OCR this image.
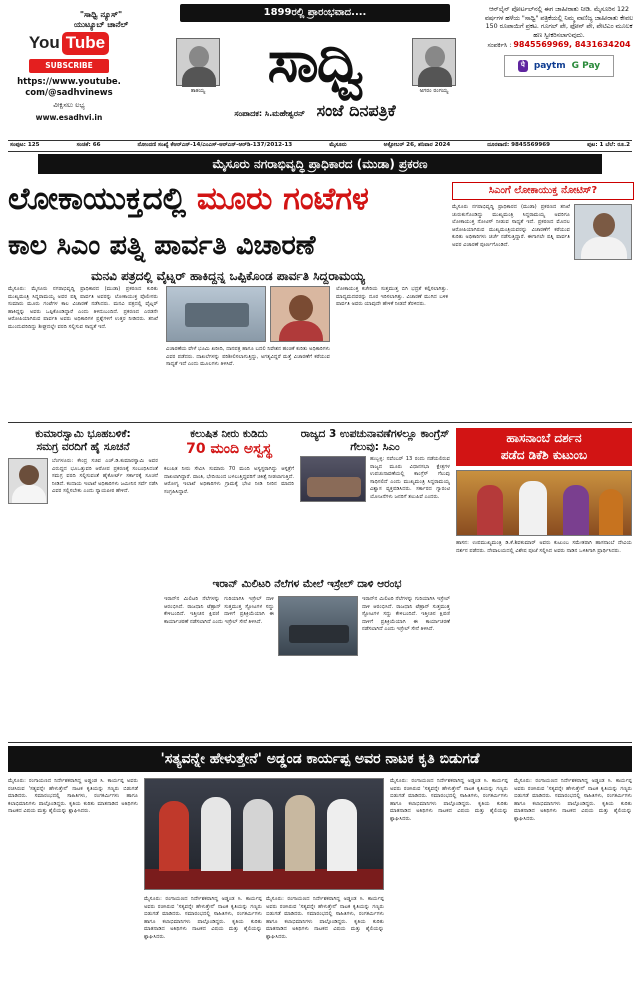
You Tube
SUBSCRIBE
https://www.youtube.
com/@sadhvinews
ವೀಕ್ಷಿಸಲು ಲಭ್ಯ
www.esadhvi.in
"ಸಾಧ್ವಿ ನ್ಯೂಸ್" ಯುಟ್ಯೂಬ್ ಚಾನೆಲ್
1899ರಲ್ಲಿ ಪ್ರಾರಂಭವಾದ....
ತಾತಯ್ಯ	ಸಾಧ್ವಿ	ಅಗರಂ ರಂಗಯ್ಯ
ಸಂಪಾದಕ: ಸಿ.ಮಹೇಶ್ವರನ್ ಸಂಜೆ ದಿನಪತ್ರಿಕೆ
ಆನ್‌ಲೈನ್ ಪೋರ್ಟಲ್‌ನಲ್ಲಿ ಈಗ ಜಾಹೀರಾತು ನೀಡಿ. ಮೈಸೂರಿನ 122 ವರ್ಷಗಳ ಹಳೆಯ "ಸಾಧ್ವಿ" ಪತ್ರಿಕೆಯಲ್ಲಿ ನಿಮ್ಮ ವಾಣಿಜ್ಯ ಜಾಹೀರಾತು ಕೇವಲ 150 ರೂಪಾಯಿಗೆ ಪ್ರಕಟ. ಗೂಗಲ್ ಪೇ, ಫೋನ್ ಪೇ, ಪೇಟಿಎಂ ಮೂಲಕ ಹಣ ಸ್ವೀಕರಿಸಲಾಗುವುದು.
ಸಂಪರ್ಕಿಸಿ : 9845569969, 8431634204
पे	paytm G Pay
ಸಂಪುಟ: 125	ಸಂಚಿಕೆ: 66	ನೋಂದಣಿ ಸಂಖ್ಯೆ ಕೆಆರ್‌ಎನ್-14/ಎಂಎಸ್-ಆರ್‌ಎನ್-ಆರ್‌ಡಿ-137/2012-13	ಮೈಸೂರು	ಅಕ್ಟೋಬರ್ 26, ಶನಿವಾರ 2024	ದೂರವಾಣಿ: 9845569969	ಪುಟ: 1 ಬೆಲೆ: ರೂ.2
ಮೈಸೂರು ನಗರಾಭಿವೃದ್ಧಿ ಪ್ರಾಧಿಕಾರದ (ಮುಡಾ) ಪ್ರಕರಣ
ಲೋಕಾಯುಕ್ತದಲ್ಲಿ ಮೂರು ಗಂಟೆಗಳ
ಕಾಲ ಸಿಎಂ ಪತ್ನಿ ಪಾರ್ವತಿ ವಿಚಾರಣೆ
ಮನವಿ ಪತ್ರದಲ್ಲಿ ವೈಟ್ನರ್ ಹಾಕಿದ್ದನ್ನ ಒಪ್ಪಿಕೊಂಡ ಪಾರ್ವತಿ ಸಿದ್ದರಾಮಯ್ಯ
ಮೈಸೂರು: ಮೈಸೂರು ನಗರಾಭಿವೃದ್ಧಿ ಪ್ರಾಧಿಕಾರದ (ಮುಡಾ) ಪ್ರಕರಣದ ಕುರಿತು ಮುಖ್ಯಮಂತ್ರಿ ಸಿದ್ದರಾಮಯ್ಯ ಅವರ ಪತ್ನಿ ಪಾರ್ವತಿ ಅವರನ್ನು ಲೋಕಾಯುಕ್ತ ಪೊಲೀಸರು ಸುಮಾರು ಮೂರು ಗಂಟೆಗಳ ಕಾಲ ವಿಚಾರಣೆ ನಡೆಸಿದರು. ಮನವಿ ಪತ್ರದಲ್ಲಿ ವೈಟ್ನರ್ ಹಾಕಿದ್ದನ್ನು ಅವರು ಒಪ್ಪಿಕೊಂಡಿದ್ದಾರೆ ಎಂದು ತಿಳಿದುಬಂದಿದೆ. ಪ್ರಕರಣದ ಎರಡನೇ ಆರೋಪಿಯಾಗಿರುವ ಪಾರ್ವತಿ ಅವರು ಅಧಿಕಾರಿಗಳ ಪ್ರಶ್ನೆಗಳಿಗೆ ಉತ್ತರ ನೀಡಿದರು. ತನಿಖೆ ಮುಂದುವರಿದಿದ್ದು ಶೀಘ್ರದಲ್ಲೇ ವರದಿ ಸಲ್ಲಿಸುವ ಸಾಧ್ಯತೆ ಇದೆ.
ವಿಚಾರಣೆಯ ವೇಳೆ ಭೂಮಿ ಖರೀದಿ, ದಾನಪತ್ರ ಹಾಗೂ ಬದಲಿ ನಿವೇಶನ ಹಂಚಿಕೆ ಕುರಿತು ಅಧಿಕಾರಿಗಳು ವಿವರ ಪಡೆದರು. ದಾಖಲೆಗಳನ್ನು ಪರಿಶೀಲಿಸಲಾಗುತ್ತಿದ್ದು, ಅಗತ್ಯವಿದ್ದರೆ ಮತ್ತೆ ವಿಚಾರಣೆಗೆ ಕರೆಯುವ ಸಾಧ್ಯತೆ ಇದೆ ಎಂದು ಮೂಲಗಳು ತಿಳಿಸಿವೆ.
ಲೋಕಾಯುಕ್ತ ಕಚೇರಿಯ ಸುತ್ತಮುತ್ತ ಬಿಗಿ ಭದ್ರತೆ ಕಲ್ಪಿಸಲಾಗಿತ್ತು. ಮಾಧ್ಯಮದವರನ್ನು ದೂರ ಇರಿಸಲಾಗಿತ್ತು. ವಿಚಾರಣೆ ಮುಗಿದ ಬಳಿಕ ಪಾರ್ವತಿ ಅವರು ಯಾವುದೇ ಹೇಳಿಕೆ ನೀಡದೆ ತೆರಳಿದರು.
ಸಿಎಂಗೆ ಲೋಕಾಯುಕ್ತ ನೋಟಿಸ್?
ಮೈಸೂರು ನಗರಾಭಿವೃದ್ಧಿ ಪ್ರಾಧಿಕಾರದ (ಮುಡಾ) ಪ್ರಕರಣದ ತನಿಖೆ ಚುರುಕುಗೊಂಡಿದ್ದು ಮುಖ್ಯಮಂತ್ರಿ ಸಿದ್ದರಾಮಯ್ಯ ಅವರಿಗೂ ಲೋಕಾಯುಕ್ತ ನೋಟಿಸ್ ನೀಡುವ ಸಾಧ್ಯತೆ ಇದೆ. ಪ್ರಕರಣದ ಮೊದಲ ಆರೋಪಿಯಾಗಿರುವ ಮುಖ್ಯಮಂತ್ರಿಯವರನ್ನು ವಿಚಾರಣೆಗೆ ಕರೆಯುವ ಕುರಿತು ಅಧಿಕಾರಿಗಳು ಚರ್ಚೆ ನಡೆಸುತ್ತಿದ್ದಾರೆ. ಈಗಾಗಲೇ ಪತ್ನಿ ಪಾರ್ವತಿ ಅವರ ವಿಚಾರಣೆ ಪೂರ್ಣಗೊಂಡಿದೆ.
ಕುಮಾರಸ್ವಾಮಿ ಭೂಹಬಳಿಕೆ:
ಸಮಗ್ರ ವರದಿಗೆ ಹೈ ಸೂಚನೆ
ಬೆಂಗಳೂರು: ಕೇಂದ್ರ ಸಚಿವ ಎಚ್.ಡಿ.ಕುಮಾರಸ್ವಾಮಿ ಅವರ ವಿರುದ್ಧದ ಭೂಒತ್ತುವರಿ ಆರೋಪ ಪ್ರಕರಣಕ್ಕೆ ಸಂಬಂಧಿಸಿದಂತೆ ಸಮಗ್ರ ವರದಿ ಸಲ್ಲಿಸುವಂತೆ ಹೈಕೋರ್ಟ್ ಸರ್ಕಾರಕ್ಕೆ ಸೂಚನೆ ನೀಡಿದೆ. ಕಂದಾಯ ಇಲಾಖೆ ಅಧಿಕಾರಿಗಳು ಜಮೀನಿನ ಸರ್ವೆ ನಡೆಸಿ ವಿವರ ಸಲ್ಲಿಸಬೇಕು ಎಂದು ನ್ಯಾಯಪೀಠ ಹೇಳಿದೆ.
ಕಲುಷಿತ ನೀರು ಕುಡಿದು
70 ಮಂದಿ ಅಸ್ವಸ್ಥ
ಕಲುಷಿತ ನೀರು ಸೇವಿಸಿ ಸುಮಾರು 70 ಮಂದಿ ಅಸ್ವಸ್ಥರಾಗಿದ್ದು ಆಸ್ಪತ್ರೆಗೆ ದಾಖಲಾಗಿದ್ದಾರೆ. ವಾಂತಿ, ಭೇದಿಯಿಂದ ಬಳಲುತ್ತಿದ್ದವರಿಗೆ ಚಿಕಿತ್ಸೆ ನೀಡಲಾಗುತ್ತಿದೆ. ಆರೋಗ್ಯ ಇಲಾಖೆ ಅಧಿಕಾರಿಗಳು ಗ್ರಾಮಕ್ಕೆ ಭೇಟಿ ನೀಡಿ ನೀರಿನ ಮಾದರಿ ಸಂಗ್ರಹಿಸಿದ್ದಾರೆ.
ರಾಜ್ಯದ 3 ಉಪಚುನಾವಣೆಗಳಲ್ಲೂ ಕಾಂಗ್ರೆಸ್ ಗೆಲುವು: ಸಿಎಂ
ಹುಬ್ಬಳ್ಳಿ: ನವೆಂಬರ್ 13 ರಂದು ನಡೆಯಲಿರುವ ರಾಜ್ಯದ ಮೂರು ವಿಧಾನಸಭಾ ಕ್ಷೇತ್ರಗಳ ಉಪಚುನಾವಣೆಯಲ್ಲಿ ಕಾಂಗ್ರೆಸ್ ಗೆಲುವು ಸಾಧಿಸಲಿದೆ ಎಂದು ಮುಖ್ಯಮಂತ್ರಿ ಸಿದ್ದರಾಮಯ್ಯ ವಿಶ್ವಾಸ ವ್ಯಕ್ತಪಡಿಸಿದರು. ಸರ್ಕಾರದ ಗ್ಯಾರಂಟಿ ಯೋಜನೆಗಳು ಜನರಿಗೆ ತಲುಪಿವೆ ಎಂದರು.
ಹಾಸನಾಂಬೆ ದರ್ಶನ
ಪಡೆದ ಡಿಕೆಶಿ ಕುಟುಂಬ
ಹಾಸನ: ಉಪಮುಖ್ಯಮಂತ್ರಿ ಡಿ.ಕೆ.ಶಿವಕುಮಾರ್ ಅವರು ಕುಟುಂಬ ಸಮೇತರಾಗಿ ಹಾಸನಾಂಬೆ ದೇವಿಯ ದರ್ಶನ ಪಡೆದರು. ದೇವಾಲಯದಲ್ಲಿ ವಿಶೇಷ ಪೂಜೆ ಸಲ್ಲಿಸಿದ ಅವರು ನಾಡಿನ ಒಳಿತಿಗಾಗಿ ಪ್ರಾರ್ಥಿಸಿದರು.
ಇರಾನ್ ಮಿಲಿಟರಿ ನೆಲೆಗಳ ಮೇಲೆ ಇಸ್ರೇಲ್ ದಾಳಿ ಆರಂಭ
ಇರಾನ್‌ನ ಮಿಲಿಟರಿ ನೆಲೆಗಳನ್ನು ಗುರಿಯಾಗಿಸಿ ಇಸ್ರೇಲ್ ದಾಳಿ ಆರಂಭಿಸಿದೆ. ರಾಜಧಾನಿ ಟೆಹ್ರಾನ್ ಸುತ್ತಮುತ್ತ ಸ್ಫೋಟಗಳ ಸದ್ದು ಕೇಳಿಬಂದಿದೆ. ಇತ್ತೀಚಿನ ಕ್ಷಿಪಣಿ ದಾಳಿಗೆ ಪ್ರತಿಕ್ರಿಯೆಯಾಗಿ ಈ ಕಾರ್ಯಾಚರಣೆ ನಡೆಸಲಾಗಿದೆ ಎಂದು ಇಸ್ರೇಲ್ ಸೇನೆ ತಿಳಿಸಿದೆ.
ಇರಾನ್‌ನ ಮಿಲಿಟರಿ ನೆಲೆಗಳನ್ನು ಗುರಿಯಾಗಿಸಿ ಇಸ್ರೇಲ್ ದಾಳಿ ಆರಂಭಿಸಿದೆ. ರಾಜಧಾನಿ ಟೆಹ್ರಾನ್ ಸುತ್ತಮುತ್ತ ಸ್ಫೋಟಗಳ ಸದ್ದು ಕೇಳಿಬಂದಿದೆ. ಇತ್ತೀಚಿನ ಕ್ಷಿಪಣಿ ದಾಳಿಗೆ ಪ್ರತಿಕ್ರಿಯೆಯಾಗಿ ಈ ಕಾರ್ಯಾಚರಣೆ ನಡೆಸಲಾಗಿದೆ ಎಂದು ಇಸ್ರೇಲ್ ಸೇನೆ ತಿಳಿಸಿದೆ.
'ಸತ್ಯವನ್ನೇ ಹೇಳುತ್ತೇನೆ' ಅಡ್ಡಂಡ ಕಾರ್ಯಪ್ಪ ಅವರ ನಾಟಕ ಕೃತಿ ಬಿಡುಗಡೆ
ಮೈಸೂರು: ರಂಗಾಯಣದ ನಿರ್ದೇಶಕರಾಗಿದ್ದ ಅಡ್ಡಂಡ ಸಿ. ಕಾರ್ಯಪ್ಪ ಅವರು ರಚಿಸಿರುವ 'ಸತ್ಯವನ್ನೇ ಹೇಳುತ್ತೇನೆ' ನಾಟಕ ಕೃತಿಯನ್ನು ಗಣ್ಯರು ಬಿಡುಗಡೆ ಮಾಡಿದರು. ಸಮಾರಂಭದಲ್ಲಿ ಸಾಹಿತಿಗಳು, ರಂಗಕರ್ಮಿಗಳು ಹಾಗೂ ಕಲಾಭಿಮಾನಿಗಳು ಪಾಲ್ಗೊಂಡಿದ್ದರು. ಕೃತಿಯ ಕುರಿತು ಮಾತನಾಡಿದ ಅತಿಥಿಗಳು ನಾಟಕದ ವಿಷಯ ಮತ್ತು ಶೈಲಿಯನ್ನು ಶ್ಲಾಘಿಸಿದರು.
ಮೈಸೂರು: ರಂಗಾಯಣದ ನಿರ್ದೇಶಕರಾಗಿದ್ದ ಅಡ್ಡಂಡ ಸಿ. ಕಾರ್ಯಪ್ಪ ಅವರು ರಚಿಸಿರುವ 'ಸತ್ಯವನ್ನೇ ಹೇಳುತ್ತೇನೆ' ನಾಟಕ ಕೃತಿಯನ್ನು ಗಣ್ಯರು ಬಿಡುಗಡೆ ಮಾಡಿದರು. ಸಮಾರಂಭದಲ್ಲಿ ಸಾಹಿತಿಗಳು, ರಂಗಕರ್ಮಿಗಳು ಹಾಗೂ ಕಲಾಭಿಮಾನಿಗಳು ಪಾಲ್ಗೊಂಡಿದ್ದರು. ಕೃತಿಯ ಕುರಿತು ಮಾತನಾಡಿದ ಅತಿಥಿಗಳು ನಾಟಕದ ವಿಷಯ ಮತ್ತು ಶೈಲಿಯನ್ನು ಶ್ಲಾಘಿಸಿದರು.
ಮೈಸೂರು: ರಂಗಾಯಣದ ನಿರ್ದೇಶಕರಾಗಿದ್ದ ಅಡ್ಡಂಡ ಸಿ. ಕಾರ್ಯಪ್ಪ ಅವರು ರಚಿಸಿರುವ 'ಸತ್ಯವನ್ನೇ ಹೇಳುತ್ತೇನೆ' ನಾಟಕ ಕೃತಿಯನ್ನು ಗಣ್ಯರು ಬಿಡುಗಡೆ ಮಾಡಿದರು. ಸಮಾರಂಭದಲ್ಲಿ ಸಾಹಿತಿಗಳು, ರಂಗಕರ್ಮಿಗಳು ಹಾಗೂ ಕಲಾಭಿಮಾನಿಗಳು ಪಾಲ್ಗೊಂಡಿದ್ದರು. ಕೃತಿಯ ಕುರಿತು ಮಾತನಾಡಿದ ಅತಿಥಿಗಳು ನಾಟಕದ ವಿಷಯ ಮತ್ತು ಶೈಲಿಯನ್ನು ಶ್ಲಾಘಿಸಿದರು.
ಮೈಸೂರು: ರಂಗಾಯಣದ ನಿರ್ದೇಶಕರಾಗಿದ್ದ ಅಡ್ಡಂಡ ಸಿ. ಕಾರ್ಯಪ್ಪ ಅವರು ರಚಿಸಿರುವ 'ಸತ್ಯವನ್ನೇ ಹೇಳುತ್ತೇನೆ' ನಾಟಕ ಕೃತಿಯನ್ನು ಗಣ್ಯರು ಬಿಡುಗಡೆ ಮಾಡಿದರು. ಸಮಾರಂಭದಲ್ಲಿ ಸಾಹಿತಿಗಳು, ರಂಗಕರ್ಮಿಗಳು ಹಾಗೂ ಕಲಾಭಿಮಾನಿಗಳು ಪಾಲ್ಗೊಂಡಿದ್ದರು. ಕೃತಿಯ ಕುರಿತು ಮಾತನಾಡಿದ ಅತಿಥಿಗಳು ನಾಟಕದ ವಿಷಯ ಮತ್ತು ಶೈಲಿಯನ್ನು ಶ್ಲಾಘಿಸಿದರು.
ಮೈಸೂರು: ರಂಗಾಯಣದ ನಿರ್ದೇಶಕರಾಗಿದ್ದ ಅಡ್ಡಂಡ ಸಿ. ಕಾರ್ಯಪ್ಪ ಅವರು ರಚಿಸಿರುವ 'ಸತ್ಯವನ್ನೇ ಹೇಳುತ್ತೇನೆ' ನಾಟಕ ಕೃತಿಯನ್ನು ಗಣ್ಯರು ಬಿಡುಗಡೆ ಮಾಡಿದರು. ಸಮಾರಂಭದಲ್ಲಿ ಸಾಹಿತಿಗಳು, ರಂಗಕರ್ಮಿಗಳು ಹಾಗೂ ಕಲಾಭಿಮಾನಿಗಳು ಪಾಲ್ಗೊಂಡಿದ್ದರು. ಕೃತಿಯ ಕುರಿತು ಮಾತನಾಡಿದ ಅತಿಥಿಗಳು ನಾಟಕದ ವಿಷಯ ಮತ್ತು ಶೈಲಿಯನ್ನು ಶ್ಲಾಘಿಸಿದರು.
